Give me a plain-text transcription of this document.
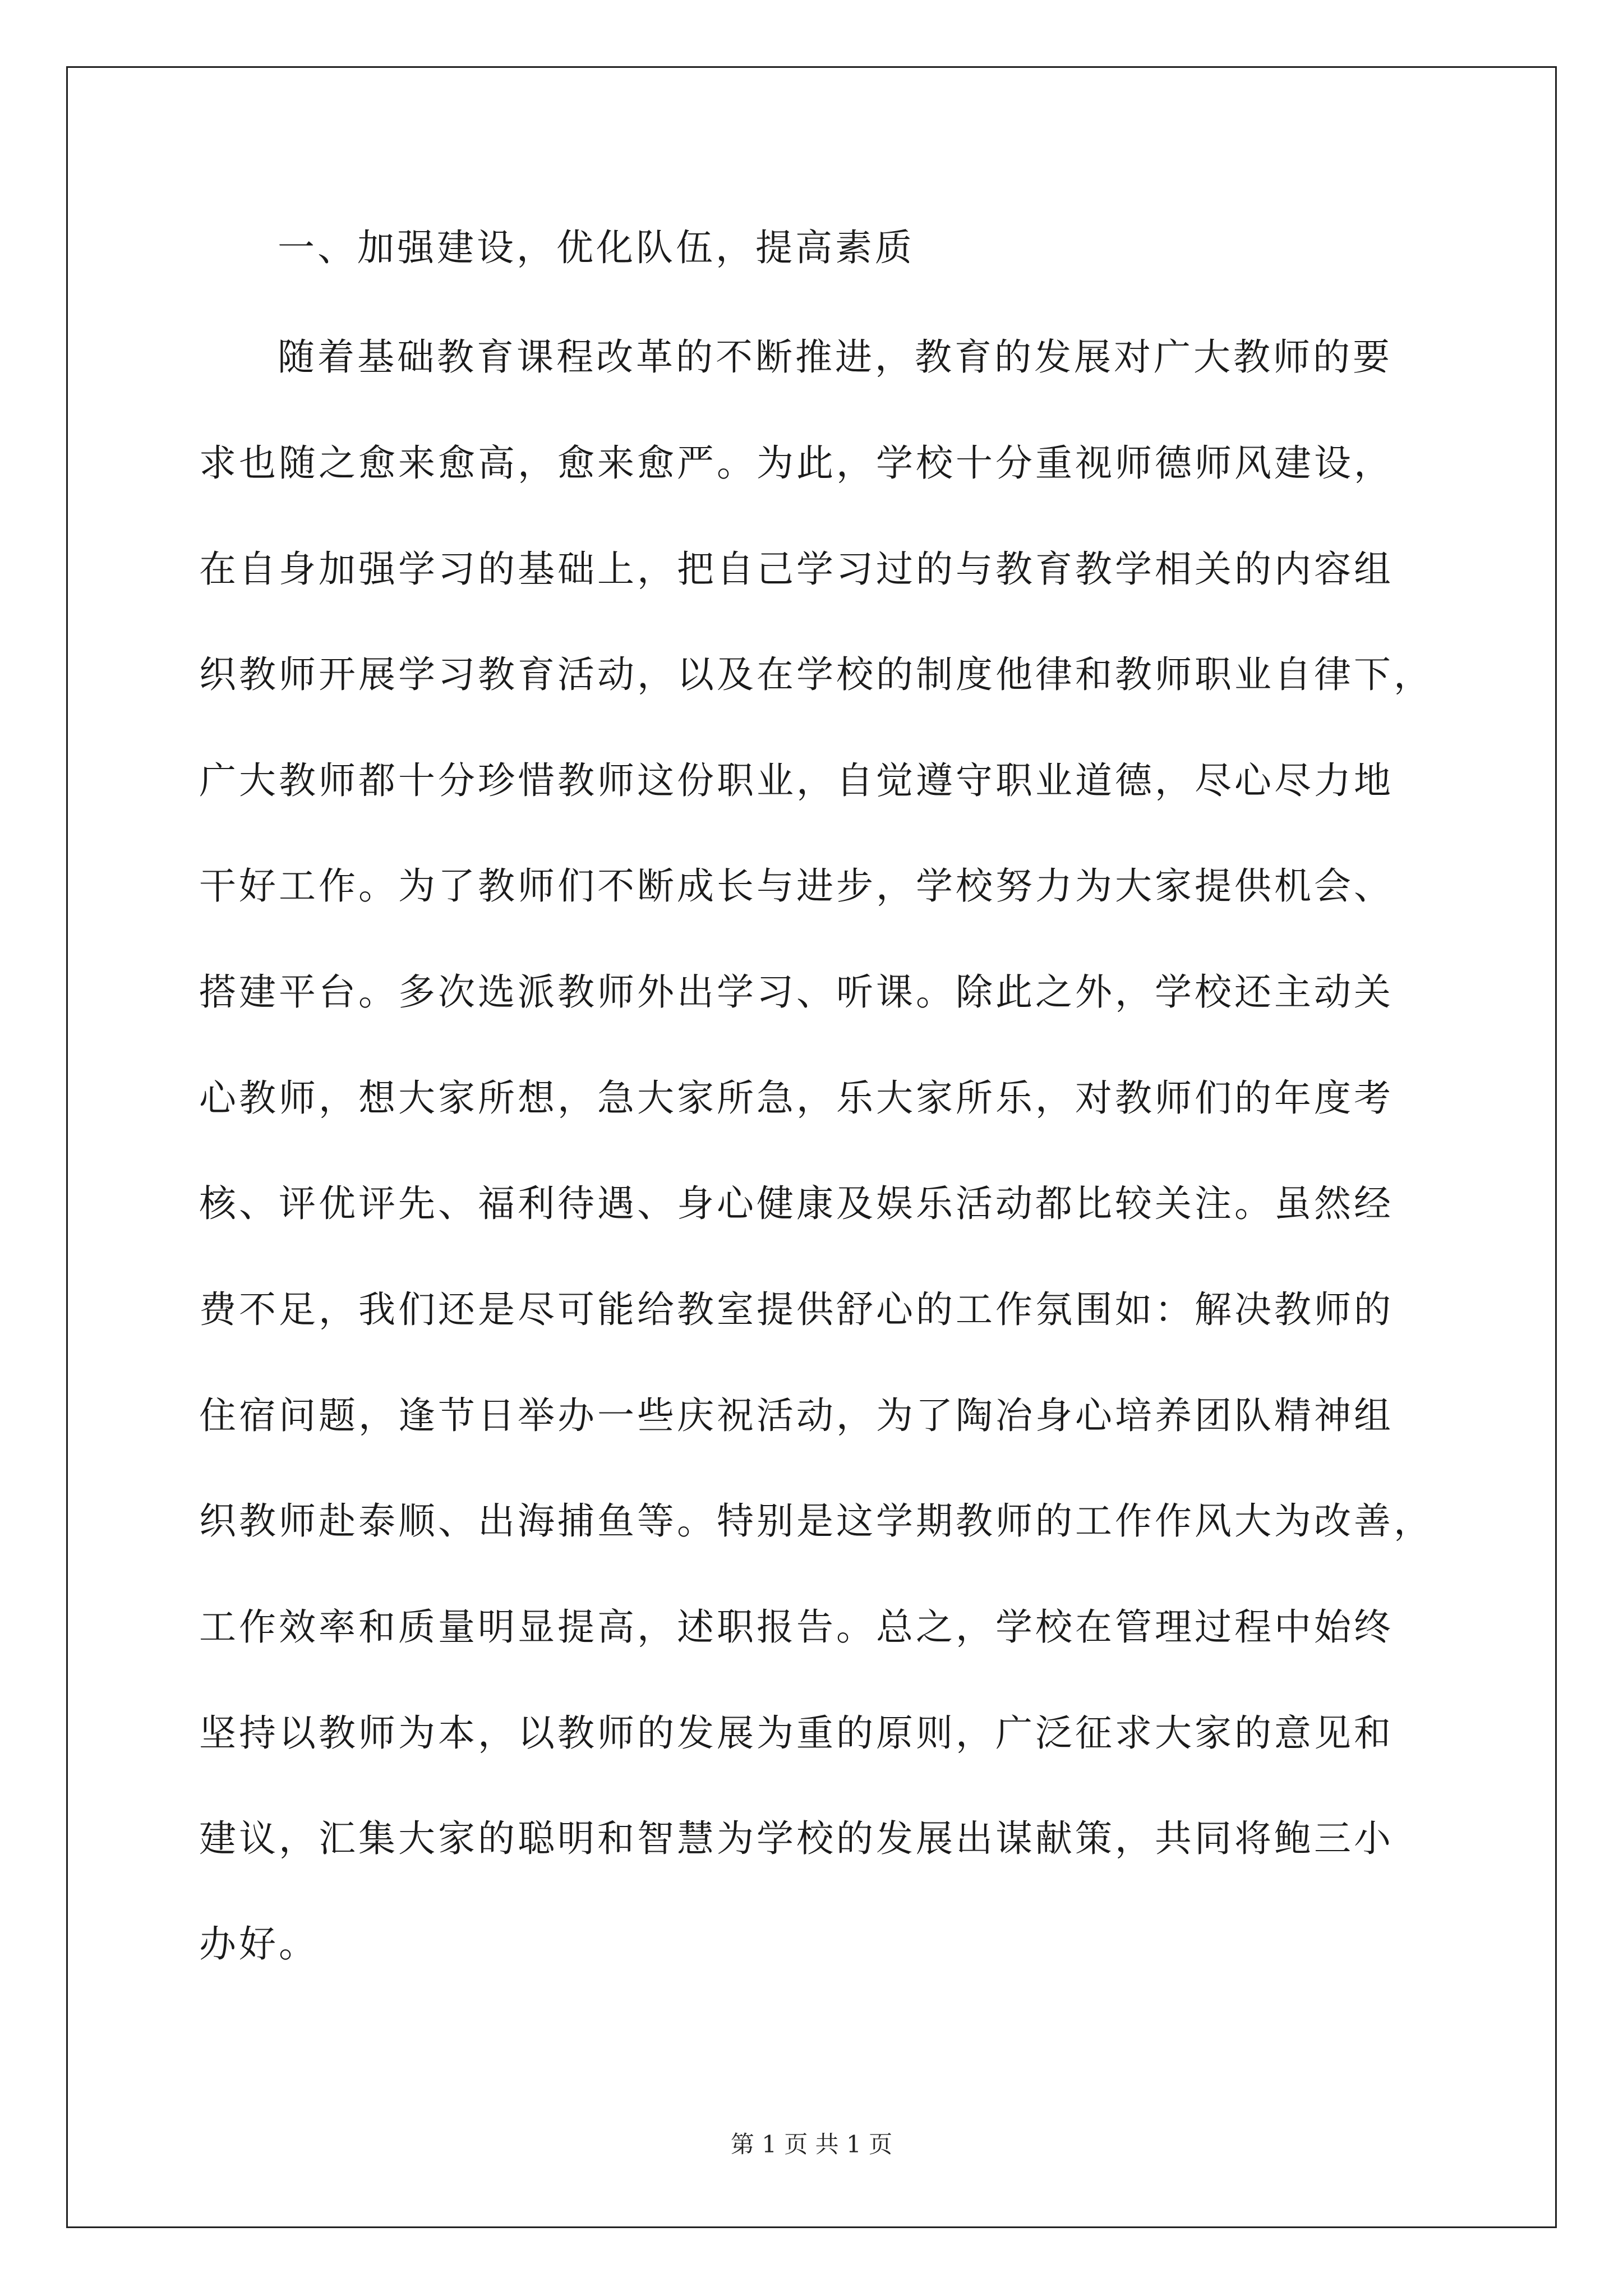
一、加强建设，优化队伍，提高素质
随着基础教育课程改革的不断推进，教育的发展对广大教师的要
求也随之愈来愈高，愈来愈严。为此，学校十分重视师德师风建设，
在自身加强学习的基础上，把自己学习过的与教育教学相关的内容组
织教师开展学习教育活动，以及在学校的制度他律和教师职业自律下，
广大教师都十分珍惜教师这份职业，自觉遵守职业道德，尽心尽力地
干好工作。为了教师们不断成长与进步，学校努力为大家提供机会、
搭建平台。多次选派教师外出学习、听课。除此之外，学校还主动关
心教师，想大家所想，急大家所急，乐大家所乐，对教师们的年度考
核、评优评先、福利待遇、身心健康及娱乐活动都比较关注。虽然经
费不足，我们还是尽可能给教室提供舒心的工作氛围如：解决教师的
住宿问题，逢节日举办一些庆祝活动，为了陶冶身心培养团队精神组
织教师赴泰顺、出海捕鱼等。特别是这学期教师的工作作风大为改善，
工作效率和质量明显提高，述职报告。总之，学校在管理过程中始终
坚持以教师为本，以教师的发展为重的原则，广泛征求大家的意见和
建议，汇集大家的聪明和智慧为学校的发展出谋献策，共同将鲍三小
办好。
第 1 页 共 1 页
